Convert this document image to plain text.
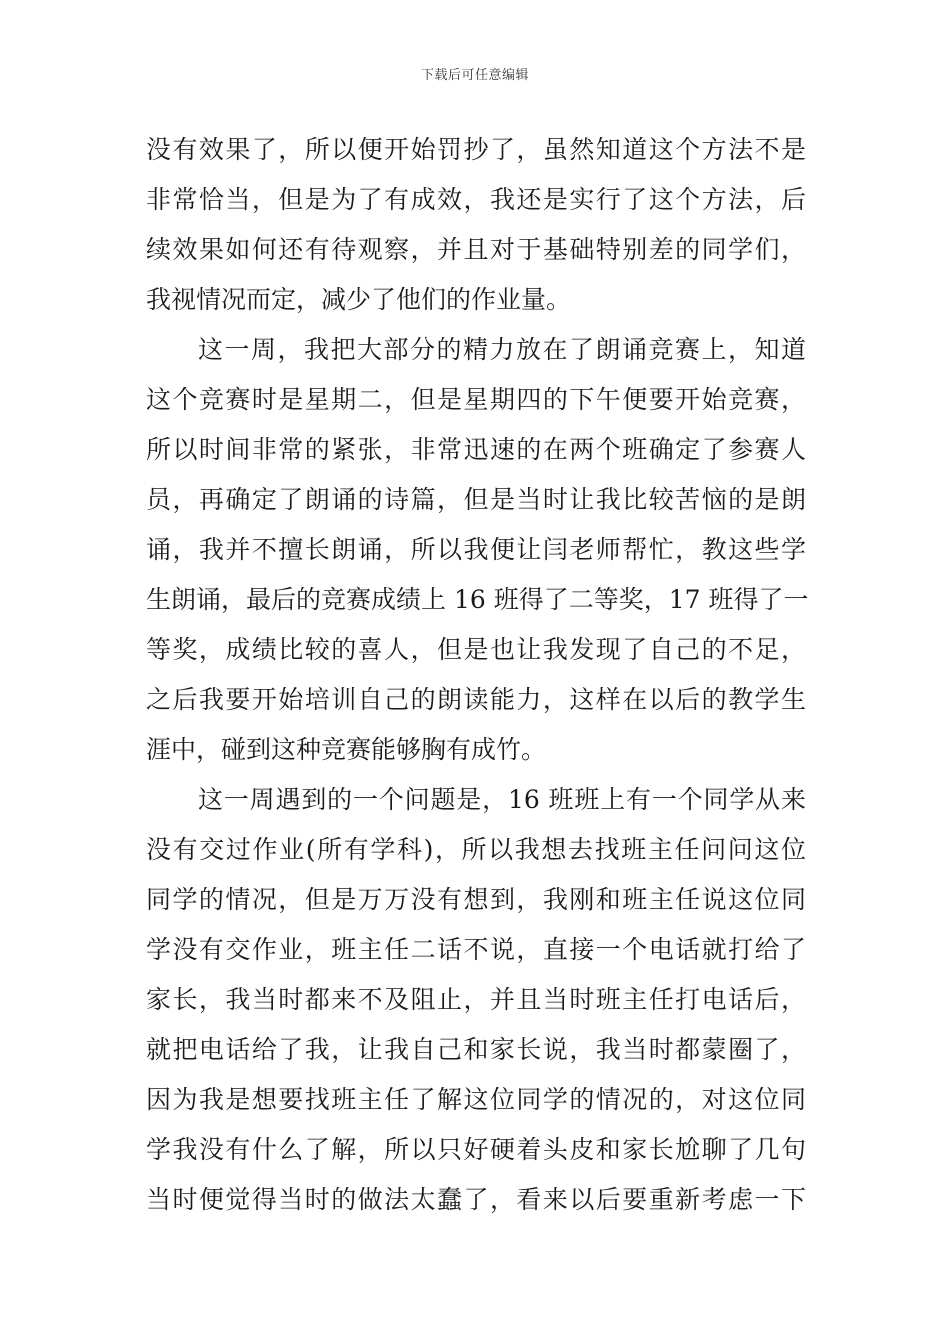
下载后可任意编辑
没有效果了，所以便开始罚抄了，虽然知道这个方法不是
非常恰当，但是为了有成效，我还是实行了这个方法，后
续效果如何还有待观察，并且对于基础特别差的同学们，
我视情况而定，减少了他们的作业量。
这一周，我把大部分的精力放在了朗诵竞赛上，知道
这个竞赛时是星期二，但是星期四的下午便要开始竞赛，
所以时间非常的紧张，非常迅速的在两个班确定了参赛人
员，再确定了朗诵的诗篇，但是当时让我比较苦恼的是朗
诵，我并不擅长朗诵，所以我便让闫老师帮忙，教这些学
生朗诵，最后的竞赛成绩上 16 班得了二等奖，17 班得了一
等奖，成绩比较的喜人，但是也让我发现了自己的不足，
之后我要开始培训自己的朗读能力，这样在以后的教学生
涯中，碰到这种竞赛能够胸有成竹。
这一周遇到的一个问题是，16 班班上有一个同学从来
没有交过作业(所有学科)，所以我想去找班主任问问这位
同学的情况，但是万万没有想到，我刚和班主任说这位同
学没有交作业，班主任二话不说，直接一个电话就打给了
家长，我当时都来不及阻止，并且当时班主任打电话后，
就把电话给了我，让我自己和家长说，我当时都蒙圈了，
因为我是想要找班主任了解这位同学的情况的，对这位同
学我没有什么了解，所以只好硬着头皮和家长尬聊了几句
当时便觉得当时的做法太蠢了，看来以后要重新考虑一下
